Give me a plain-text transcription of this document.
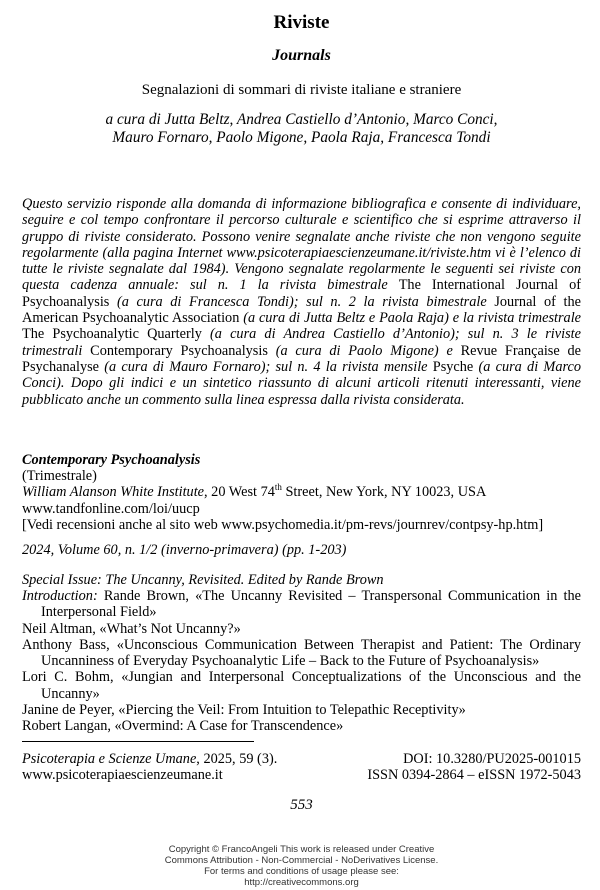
Riviste
Journals
Segnalazioni di sommari di riviste italiane e straniere
a cura di Jutta Beltz, Andrea Castiello d’Antonio, Marco Conci,
Mauro Fornaro, Paolo Migone, Paola Raja, Francesca Tondi

Questo servizio risponde alla domanda di informazione bibliografica e consente di individuare, seguire e col tempo confrontare il percorso culturale e scientifico che si esprime attraverso il gruppo di riviste considerato. Possono venire segnalate anche riviste che non vengono seguite regolarmente (alla pagina Internet www.psicoterapiaescienzeumane.it/riviste.htm vi è l’elenco di tutte le riviste segnalate dal 1984). Vengono segnalate regolarmente le seguenti sei riviste con questa cadenza annuale: sul n. 1 la rivista bimestrale The International Journal of Psychoanalysis (a cura di Francesca Tondi); sul n. 2 la rivista bimestrale Journal of the American Psychoanalytic Association (a cura di Jutta Beltz e Paola Raja) e la rivista trimestrale The Psychoanalytic Quarterly (a cura di Andrea Castiello d’Antonio); sul n. 3 le riviste trimestrali Contemporary Psychoanalysis (a cura di Paolo Migone) e Revue Française de Psychanalyse (a cura di Mauro Fornaro); sul n. 4 la rivista mensile Psyche (a cura di Marco Conci). Dopo gli indici e un sintetico riassunto di alcuni articoli ritenuti interessanti, viene pubblicato anche un commento sulla linea espressa dalla rivista considerata.

Contemporary Psychoanalysis
(Trimestrale)
William Alanson White Institute, 20 West 74th Street, New York, NY 10023, USA
www.tandfonline.com/loi/uucp
[Vedi recensioni anche al sito web www.psychomedia.it/pm-revs/journrev/contpsy-hp.htm]
2024, Volume 60, n. 1/2 (inverno-primavera) (pp. 1-203)
Special Issue: The Uncanny, Revisited. Edited by Rande Brown
Introduction: Rande Brown, «The Uncanny Revisited – Transpersonal Communication in the Interpersonal Field»
Neil Altman, «What’s Not Uncanny?»
Anthony Bass, «Unconscious Communication Between Therapist and Patient: The Ordinary Uncanniness of Everyday Psychoanalytic Life – Back to the Future of Psychoanalysis»
Lori C. Bohm, «Jungian and Interpersonal Conceptualizations of the Unconscious and the Uncanny»
Janine de Peyer, «Piercing the Veil: From Intuition to Telepathic Receptivity»
Robert Langan, «Overmind: A Case for Transcendence»
Psicoterapia e Scienze Umane, 2025, 59 (3).
www.psicoterapiaescienzeumane.it
DOI: 10.3280/PU2025-001015
ISSN 0394-2864 – eISSN 1972-5043
553
Copyright © FrancoAngeli This work is released under Creative
Commons Attribution - Non-Commercial - NoDerivatives License.
For terms and conditions of usage please see:
http://creativecommons.org
